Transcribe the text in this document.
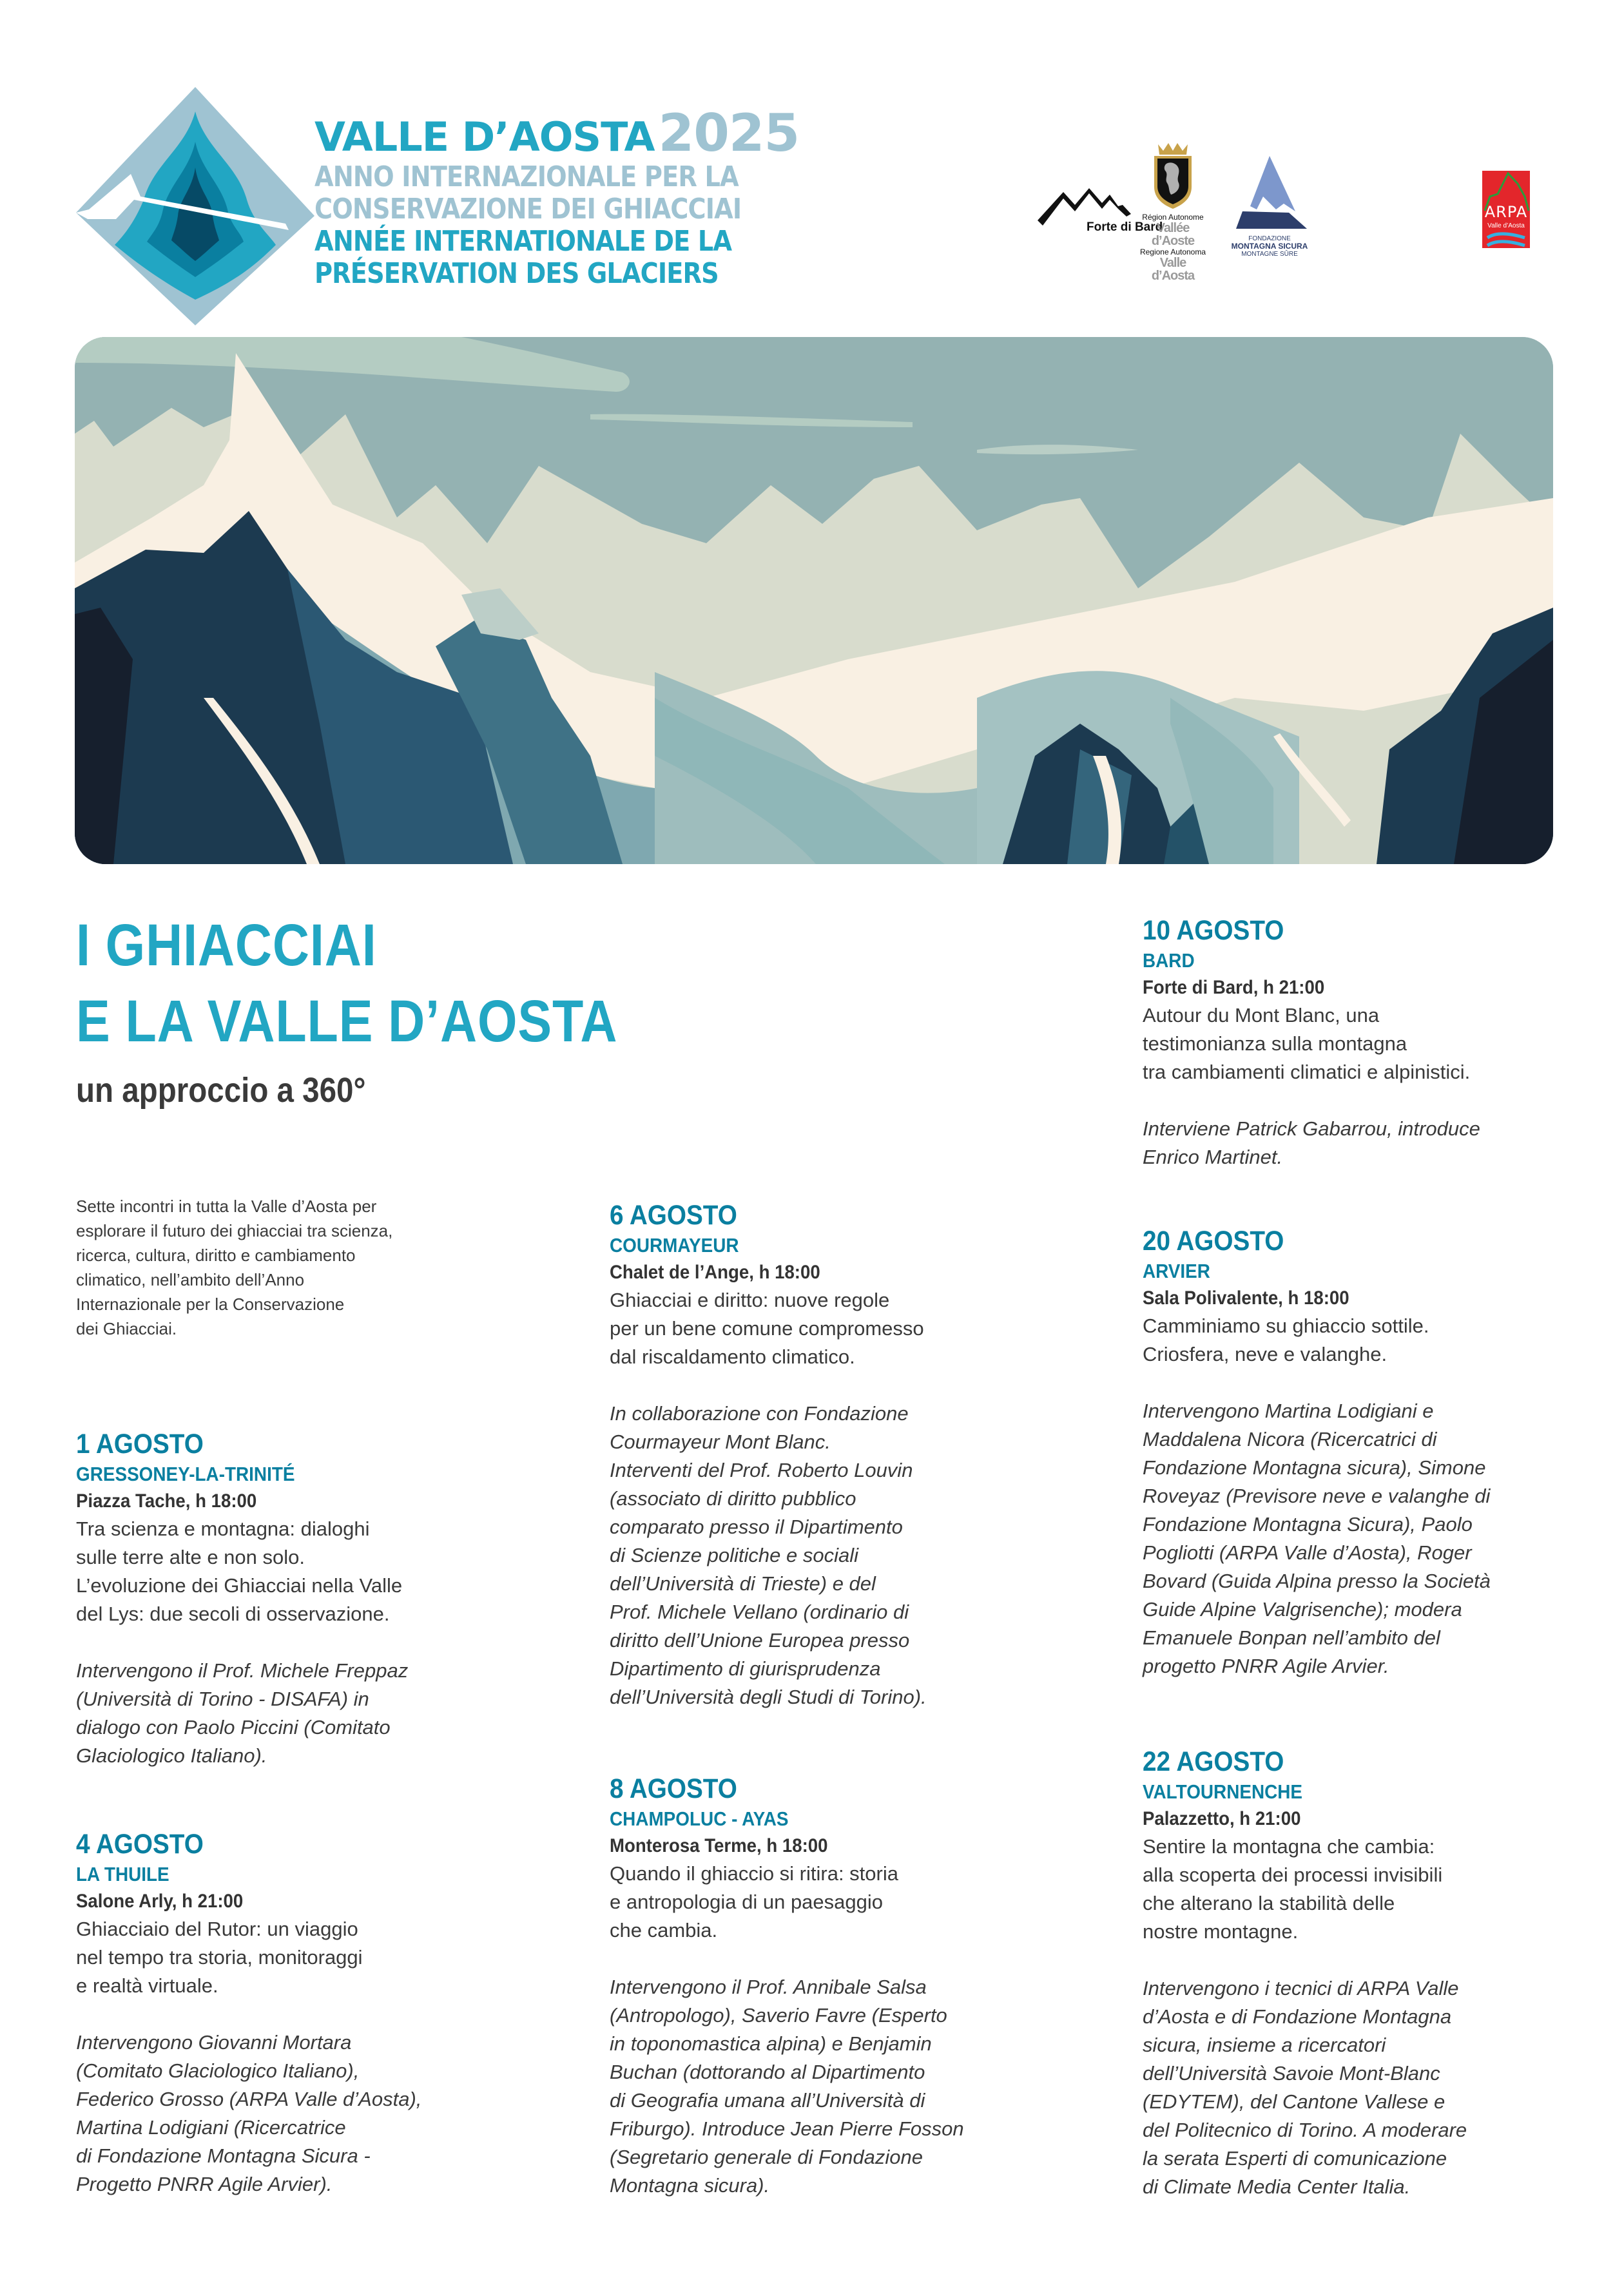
VALLE D’AOSTA2025
ANNO INTERNAZIONALE PER LA
CONSERVAZIONE DEI GHIACCIAI
ANNÉE INTERNATIONALE DE LA
PRÉSERVATION DES GLACIERS
Forte di Bard
Région Autonome
Vallée d’Aoste
Regione Autonoma
Valle d’Aosta
FONDAZIONE
MONTAGNA SICURA
MONTAGNE SÛRE
ARPA
Valle d’Aosta
I GHIACCIAI
E LA VALLE D’AOSTA
un approccio a 360°
Sette incontri in tutta la Valle d’Aosta per
esplorare il futuro dei ghiacciai tra scienza,
ricerca, cultura, diritto e cambiamento
climatico, nell’ambito dell’Anno
Internazionale per la Conservazione
dei Ghiacciai.
1 AGOSTO
GRESSONEY-LA-TRINITÉ
Piazza Tache, h 18:00
Tra scienza e montagna: dialoghi
sulle terre alte e non solo.
L’evoluzione dei Ghiacciai nella Valle
del Lys: due secoli di osservazione.
Intervengono il Prof. Michele Freppaz
(Università di Torino - DISAFA) in
dialogo con Paolo Piccini (Comitato
Glaciologico Italiano).
4 AGOSTO
LA THUILE
Salone Arly, h 21:00
Ghiacciaio del Rutor: un viaggio
nel tempo tra storia, monitoraggi
e realtà virtuale.
Intervengono Giovanni Mortara
(Comitato Glaciologico Italiano),
Federico Grosso (ARPA Valle d’Aosta),
Martina Lodigiani (Ricercatrice
di Fondazione Montagna Sicura -
Progetto PNRR Agile Arvier).
6 AGOSTO
COURMAYEUR
Chalet de l’Ange, h 18:00
Ghiacciai e diritto: nuove regole
per un bene comune compromesso
dal riscaldamento climatico.
In collaborazione con Fondazione
Courmayeur Mont Blanc.
Interventi del Prof. Roberto Louvin
(associato di diritto pubblico
comparato presso il Dipartimento
di Scienze politiche e sociali
dell’Università di Trieste) e del
Prof. Michele Vellano (ordinario di
diritto dell’Unione Europea presso
Dipartimento di giurisprudenza
dell’Università degli Studi di Torino).
8 AGOSTO
CHAMPOLUC - AYAS
Monterosa Terme, h 18:00
Quando il ghiaccio si ritira: storia
e antropologia di un paesaggio
che cambia.
Intervengono il Prof. Annibale Salsa
(Antropologo), Saverio Favre (Esperto
in toponomastica alpina) e Benjamin
Buchan (dottorando al Dipartimento
di Geografia umana all’Università di
Friburgo). Introduce Jean Pierre Fosson
(Segretario generale di Fondazione
Montagna sicura).
10 AGOSTO
BARD
Forte di Bard, h 21:00
Autour du Mont Blanc, una
testimonianza sulla montagna
tra cambiamenti climatici e alpinistici.
Interviene Patrick Gabarrou, introduce
Enrico Martinet.
20 AGOSTO
ARVIER
Sala Polivalente, h 18:00
Camminiamo su ghiaccio sottile.
Criosfera, neve e valanghe.
Intervengono Martina Lodigiani e
Maddalena Nicora (Ricercatrici di
Fondazione Montagna sicura), Simone
Roveyaz (Previsore neve e valanghe di
Fondazione Montagna Sicura), Paolo
Pogliotti (ARPA Valle d’Aosta), Roger
Bovard (Guida Alpina presso la Società
Guide Alpine Valgrisenche); modera
Emanuele Bonpan nell’ambito del
progetto PNRR Agile Arvier.
22 AGOSTO
VALTOURNENCHE
Palazzetto, h 21:00
Sentire la montagna che cambia:
alla scoperta dei processi invisibili
che alterano la stabilità delle
nostre montagne.
Intervengono i tecnici di ARPA Valle
d’Aosta e di Fondazione Montagna
sicura, insieme a ricercatori
dell’Università Savoie Mont-Blanc
(EDYTEM), del Cantone Vallese e
del Politecnico di Torino. A moderare
la serata Esperti di comunicazione
di Climate Media Center Italia.
